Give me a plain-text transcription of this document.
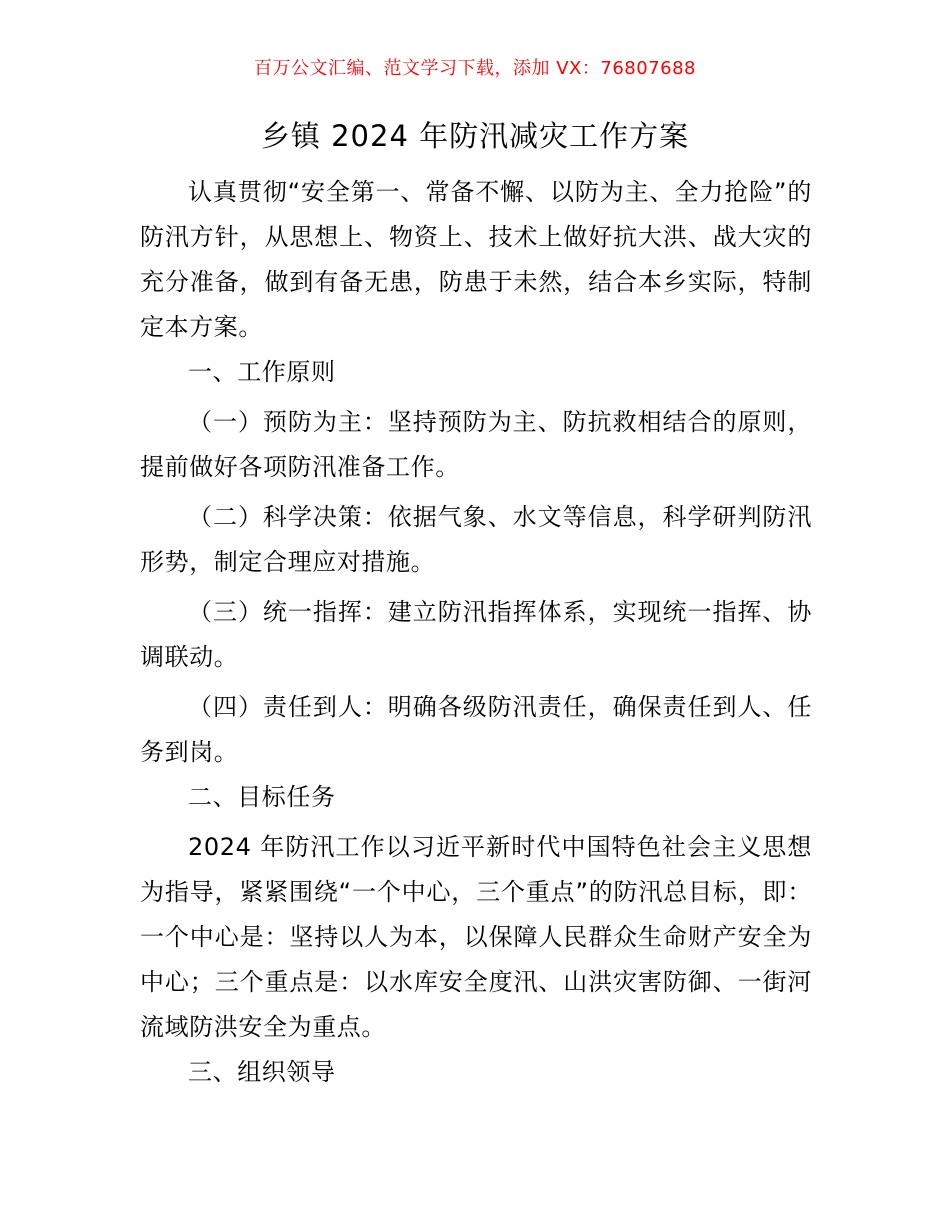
百万公文汇编、范文学习下载，添加 VX：76807688
乡镇 2024 年防汛减灾工作方案

认真贯彻“安全第一、常备不懈、以防为主、全力抢险”的防汛方针，从思想上、物资上、技术上做好抗大洪、战大灾的充分准备，做到有备无患，防患于未然，结合本乡实际，特制定本方案。

一、工作原则

（一）预防为主：坚持预防为主、防抗救相结合的原则，提前做好各项防汛准备工作。

（二）科学决策：依据气象、水文等信息，科学研判防汛形势，制定合理应对措施。

（三）统一指挥：建立防汛指挥体系，实现统一指挥、协调联动。

（四）责任到人：明确各级防汛责任，确保责任到人、任务到岗。

二、目标任务

2024 年防汛工作以习近平新时代中国特色社会主义思想为指导，紧紧围绕“一个中心，三个重点”的防汛总目标，即：一个中心是：坚持以人为本，以保障人民群众生命财产安全为中心；三个重点是：以水库安全度汛、山洪灾害防御、一街河流域防洪安全为重点。

三、组织领导
